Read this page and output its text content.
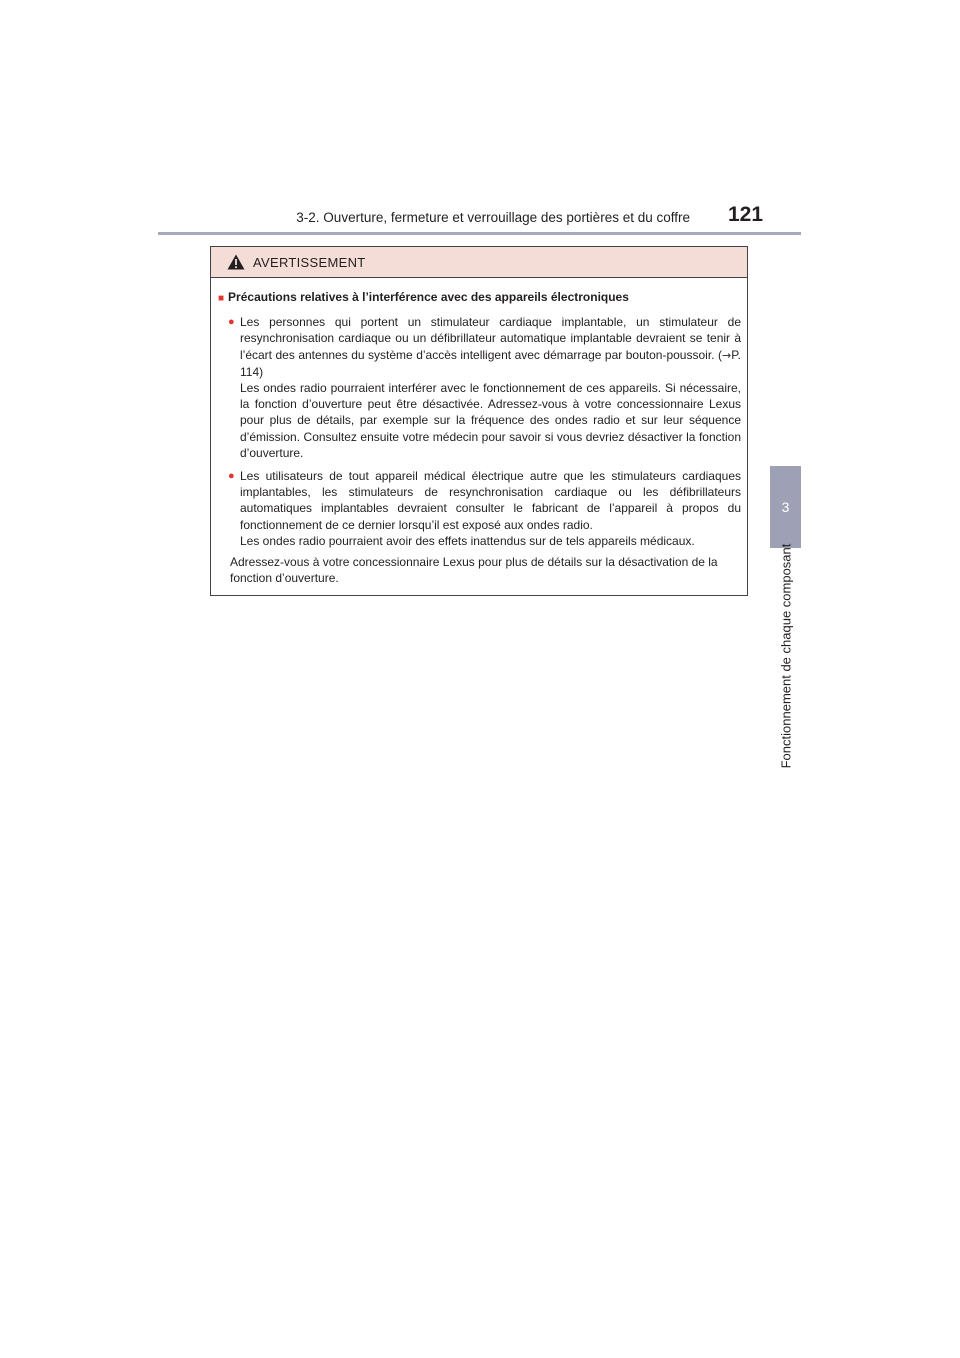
3-2. Ouverture, fermeture et verrouillage des portières et du coffre 121
3
Fonctionnement de chaque composant
AVERTISSEMENT
■ Précautions relatives à l’interférence avec des appareils électroniques
● Les personnes qui portent un stimulateur cardiaque implantable, un stimulateur de resynchronisation cardiaque ou un défibrillateur automatique implantable devraient se tenir à l’écart des antennes du système d’accès intelligent avec démarrage par bouton-poussoir. (→P. 114)

Les ondes radio pourraient interférer avec le fonctionnement de ces appareils. Si nécessaire, la fonction d’ouverture peut être désactivée. Adressez-vous à votre concessionnaire Lexus pour plus de détails, par exemple sur la fréquence des ondes radio et sur leur séquence d’émission. Consultez ensuite votre médecin pour savoir si vous devriez désactiver la fonction d’ouverture.

● Les utilisateurs de tout appareil médical électrique autre que les stimulateurs cardiaques implantables, les stimulateurs de resynchronisation cardiaque ou les défibrillateurs automatiques implantables devraient consulter le fabricant de l’appareil à propos du fonctionnement de ce dernier lorsqu’il est exposé aux ondes radio.

Les ondes radio pourraient avoir des effets inattendus sur de tels appareils médicaux.

Adressez-vous à votre concessionnaire Lexus pour plus de détails sur la désactivation de la fonction d’ouverture.
